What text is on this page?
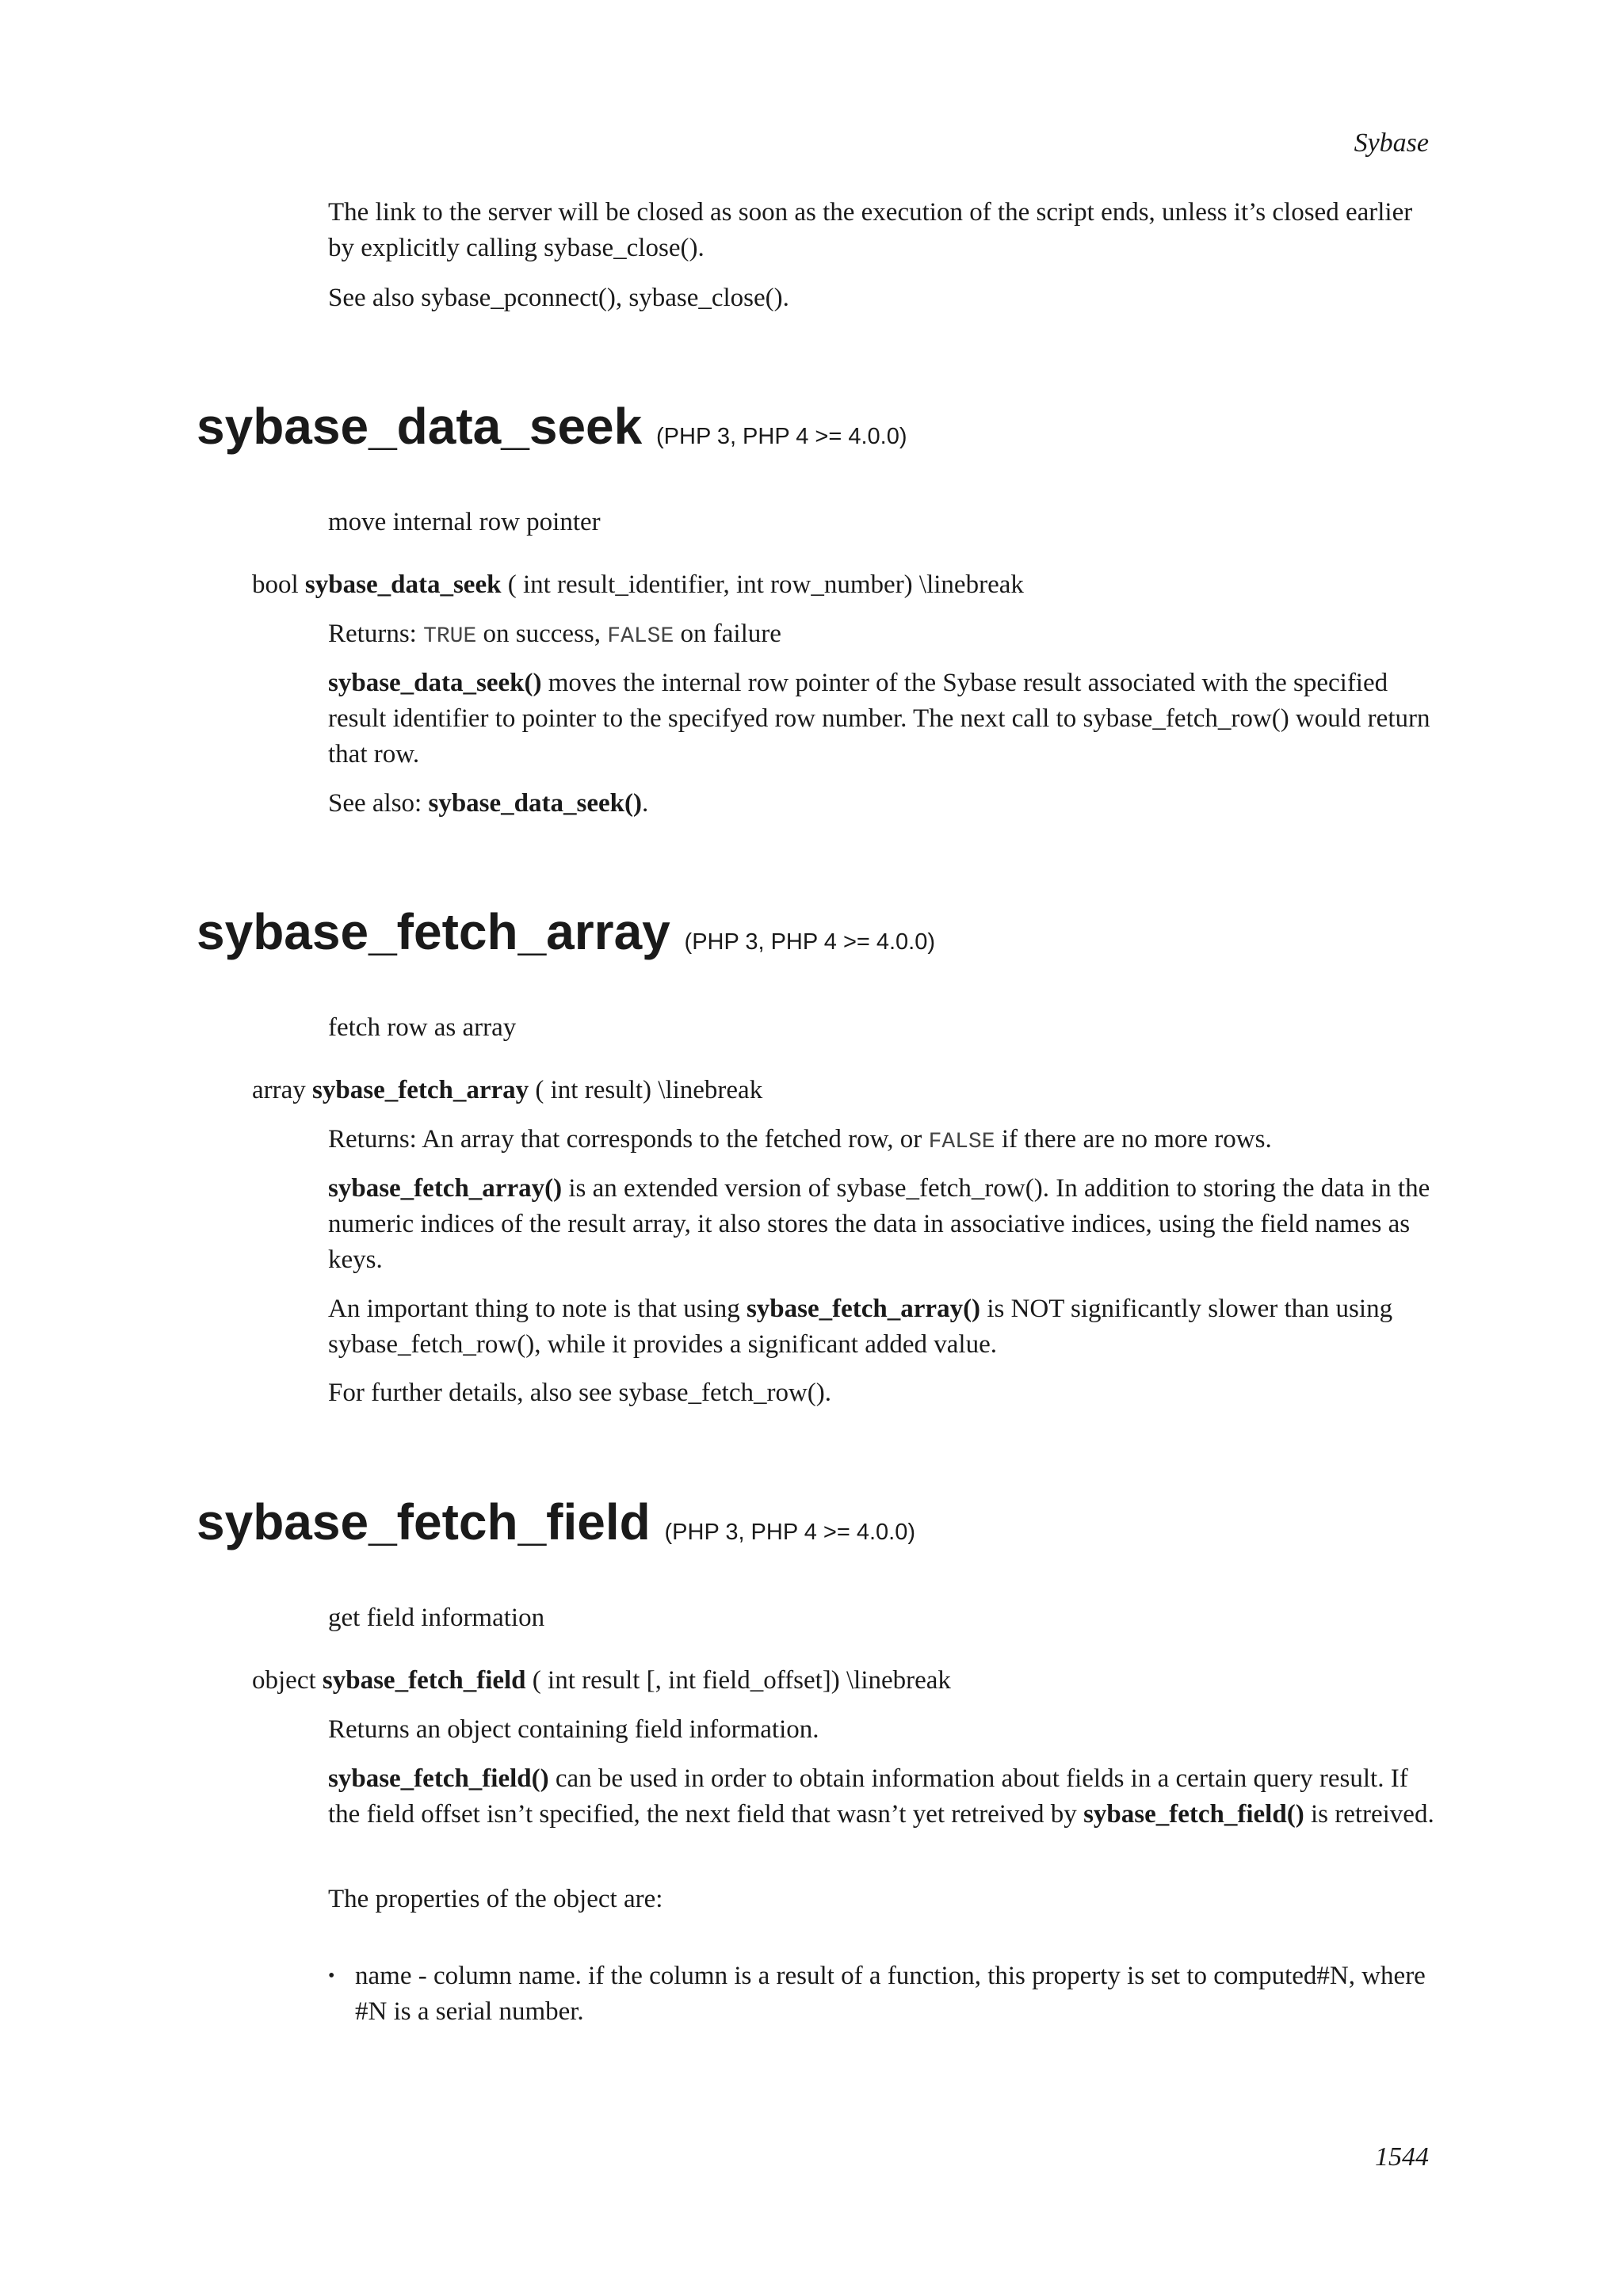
Sybase

The link to the server will be closed as soon as the execution of the script ends, unless it’s closed earlier by explicitly calling sybase_close().

See also sybase_pconnect(), sybase_close().

sybase_data_seek (PHP 3, PHP 4 >= 4.0.0)

move internal row pointer

bool sybase_data_seek ( int result_identifier, int row_number) \linebreak

Returns: TRUE on success, FALSE on failure

sybase_data_seek() moves the internal row pointer of the Sybase result associated with the specified result identifier to pointer to the specifyed row number. The next call to sybase_fetch_row() would return that row.

See also: sybase_data_seek().

sybase_fetch_array (PHP 3, PHP 4 >= 4.0.0)

fetch row as array

array sybase_fetch_array ( int result) \linebreak

Returns: An array that corresponds to the fetched row, or FALSE if there are no more rows.

sybase_fetch_array() is an extended version of sybase_fetch_row(). In addition to storing the data in the numeric indices of the result array, it also stores the data in associative indices, using the field names as keys.

An important thing to note is that using sybase_fetch_array() is NOT significantly slower than using sybase_fetch_row(), while it provides a significant added value.

For further details, also see sybase_fetch_row().

sybase_fetch_field (PHP 3, PHP 4 >= 4.0.0)

get field information

object sybase_fetch_field ( int result [, int field_offset]) \linebreak

Returns an object containing field information.

sybase_fetch_field() can be used in order to obtain information about fields in a certain query result. If the field offset isn’t specified, the next field that wasn’t yet retreived by sybase_fetch_field() is retreived.

The properties of the object are:

• name - column name. if the column is a result of a function, this property is set to computed#N, where #N is a serial number.
1544
